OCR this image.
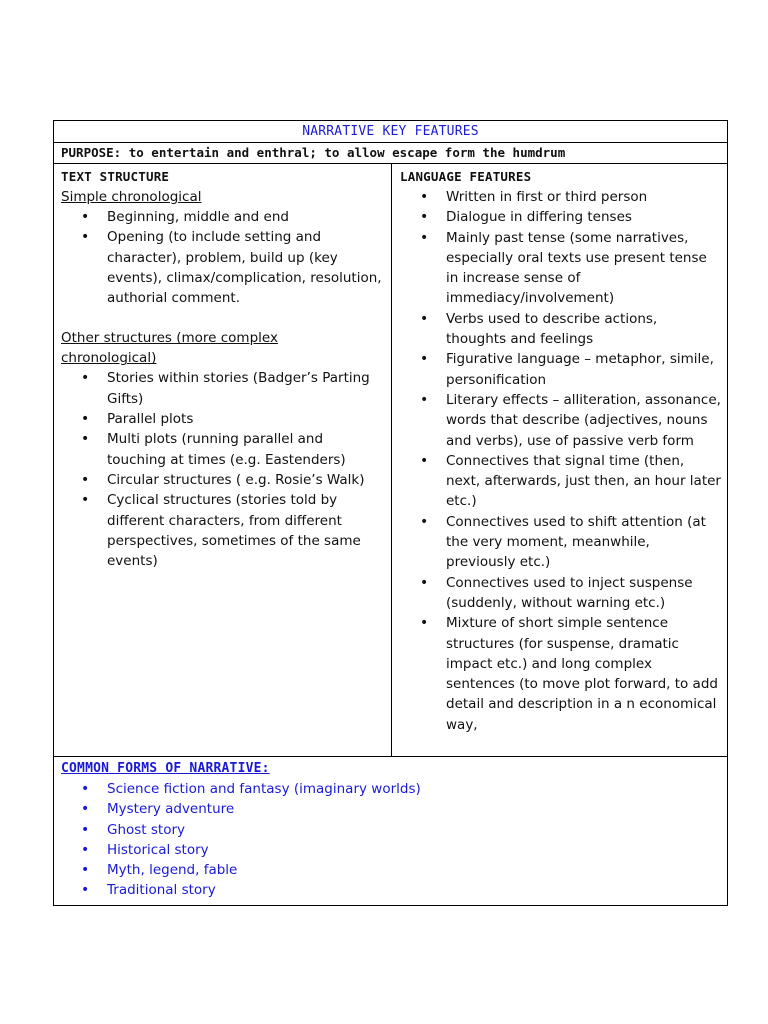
NARRATIVE KEY FEATURES
PURPOSE: to entertain and enthral; to allow escape form the humdrum
TEXT STRUCTURE
Simple chronological
• Beginning, middle and end
• Opening (to include setting and character), problem, build up (key events), climax/complication, resolution, authorial comment.
Other structures (more complex chronological)
• Stories within stories (Badger’s Parting Gifts)
• Parallel plots
• Multi plots (running parallel and touching at times (e.g. Eastenders)
• Circular structures ( e.g. Rosie’s Walk)
• Cyclical structures (stories told by different characters, from different perspectives, sometimes of the same events)
LANGUAGE FEATURES
• Written in first or third person
• Dialogue in differing tenses
• Mainly past tense (some narratives, especially oral texts use present tense in increase sense of immediacy/involvement)
• Verbs used to describe actions, thoughts and feelings
• Figurative language – metaphor, simile, personification
• Literary effects – alliteration, assonance, words that describe (adjectives, nouns and verbs), use of passive verb form
• Connectives that signal time (then, next, afterwards, just then, an hour later etc.)
• Connectives used to shift attention (at the very moment, meanwhile, previously etc.)
• Connectives used to inject suspense (suddenly, without warning etc.)
• Mixture of short simple sentence structures (for suspense, dramatic impact etc.) and long complex sentences (to move plot forward, to add detail and description in a n economical way,
COMMON FORMS OF NARRATIVE:
• Science fiction and fantasy (imaginary worlds)
• Mystery adventure
• Ghost story
• Historical story
• Myth, legend, fable
• Traditional story
